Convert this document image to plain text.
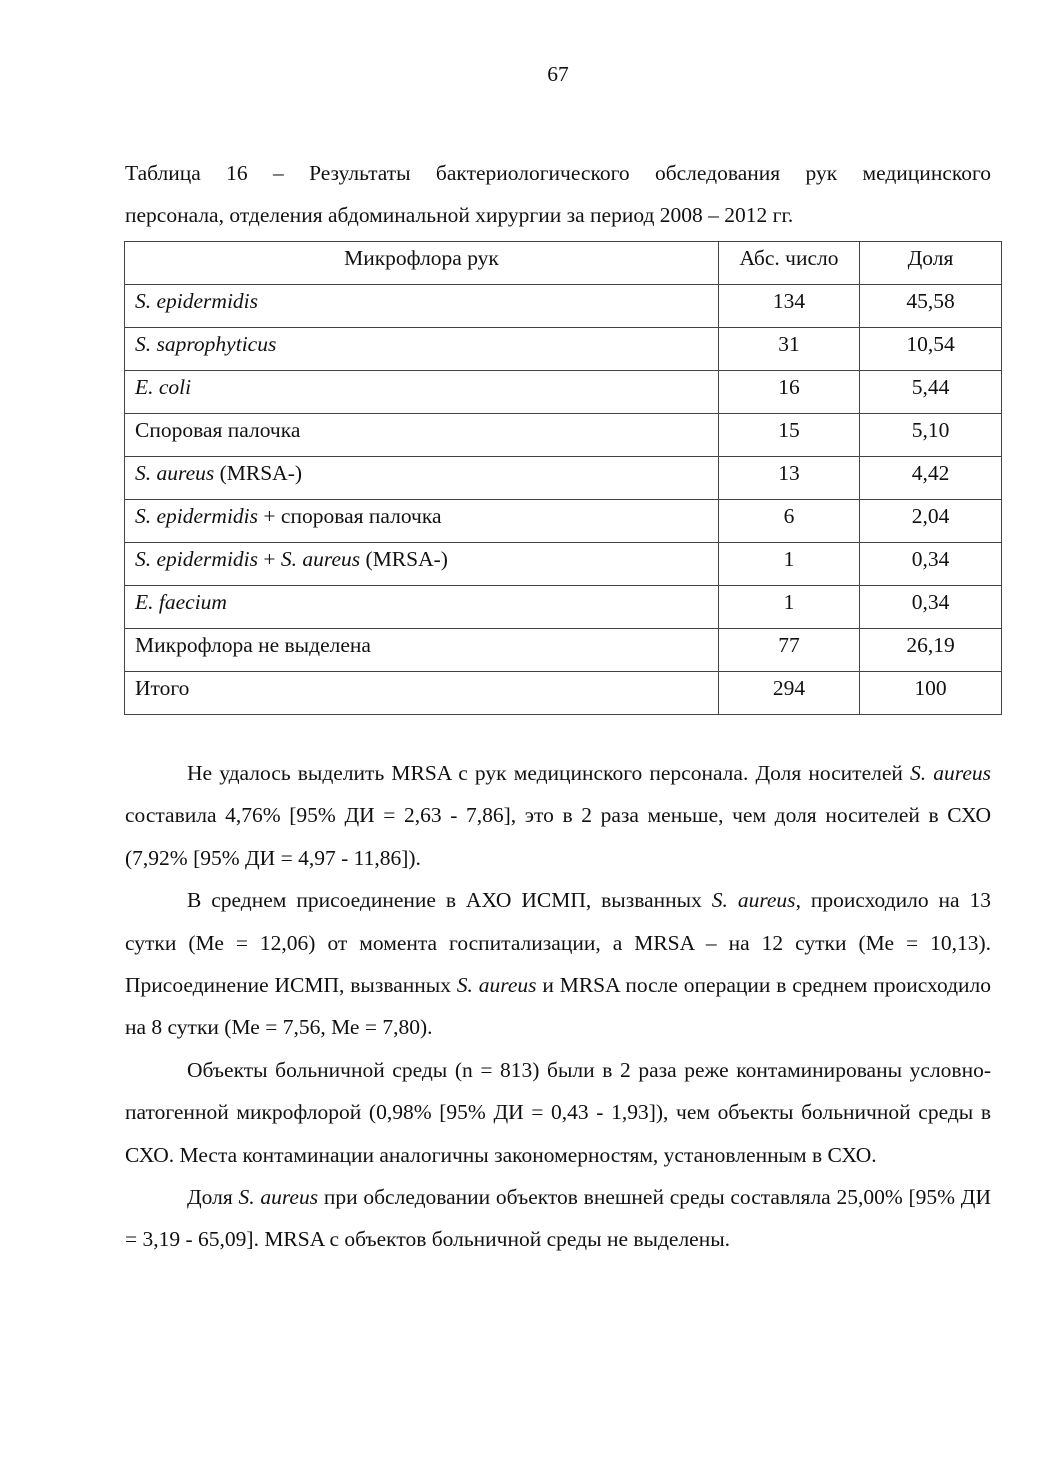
67
Таблица 16 – Результаты бактериологического обследования рук медицинского
персонала, отделения абдоминальной хирургии за период 2008 – 2012 гг.
Микрофлора рук	Абс. число	Доля
S. epidermidis	134	45,58
S. saprophyticus	31	10,54
E. coli	16	5,44
Споровая палочка	15	5,10
S. aureus (MRSA-)	13	4,42
S. epidermidis + споровая палочка	6	2,04
S. epidermidis + S. aureus (MRSA-)	1	0,34
E. faecium	1	0,34
Микрофлора не выделена	77	26,19
Итого	294	100

Не удалось выделить MRSA с рук медицинского персонала. Доля носителей S. aureus составила 4,76% [95% ДИ = 2,63 - 7,86], это в 2 раза меньше, чем доля носителей в СХО (7,92% [95% ДИ = 4,97 - 11,86]).

В среднем присоединение в АХО ИСМП, вызванных S. aureus, происходило на 13 сутки (Ме = 12,06) от момента госпитализации, а MRSA – на 12 сутки (Ме = 10,13). Присоединение ИСМП, вызванных S. aureus и MRSA после операции в среднем происходило на 8 сутки (Ме = 7,56, Ме = 7,80).

Объекты больничной среды (n = 813) были в 2 раза реже контаминированы условно-патогенной микрофлорой (0,98% [95% ДИ = 0,43 - 1,93]), чем объекты больничной среды в СХО. Места контаминации аналогичны закономерностям, установленным в СХО.

Доля S. aureus при обследовании объектов внешней среды составляла 25,00% [95% ДИ = 3,19 - 65,09]. MRSA с объектов больничной среды не выделены.
